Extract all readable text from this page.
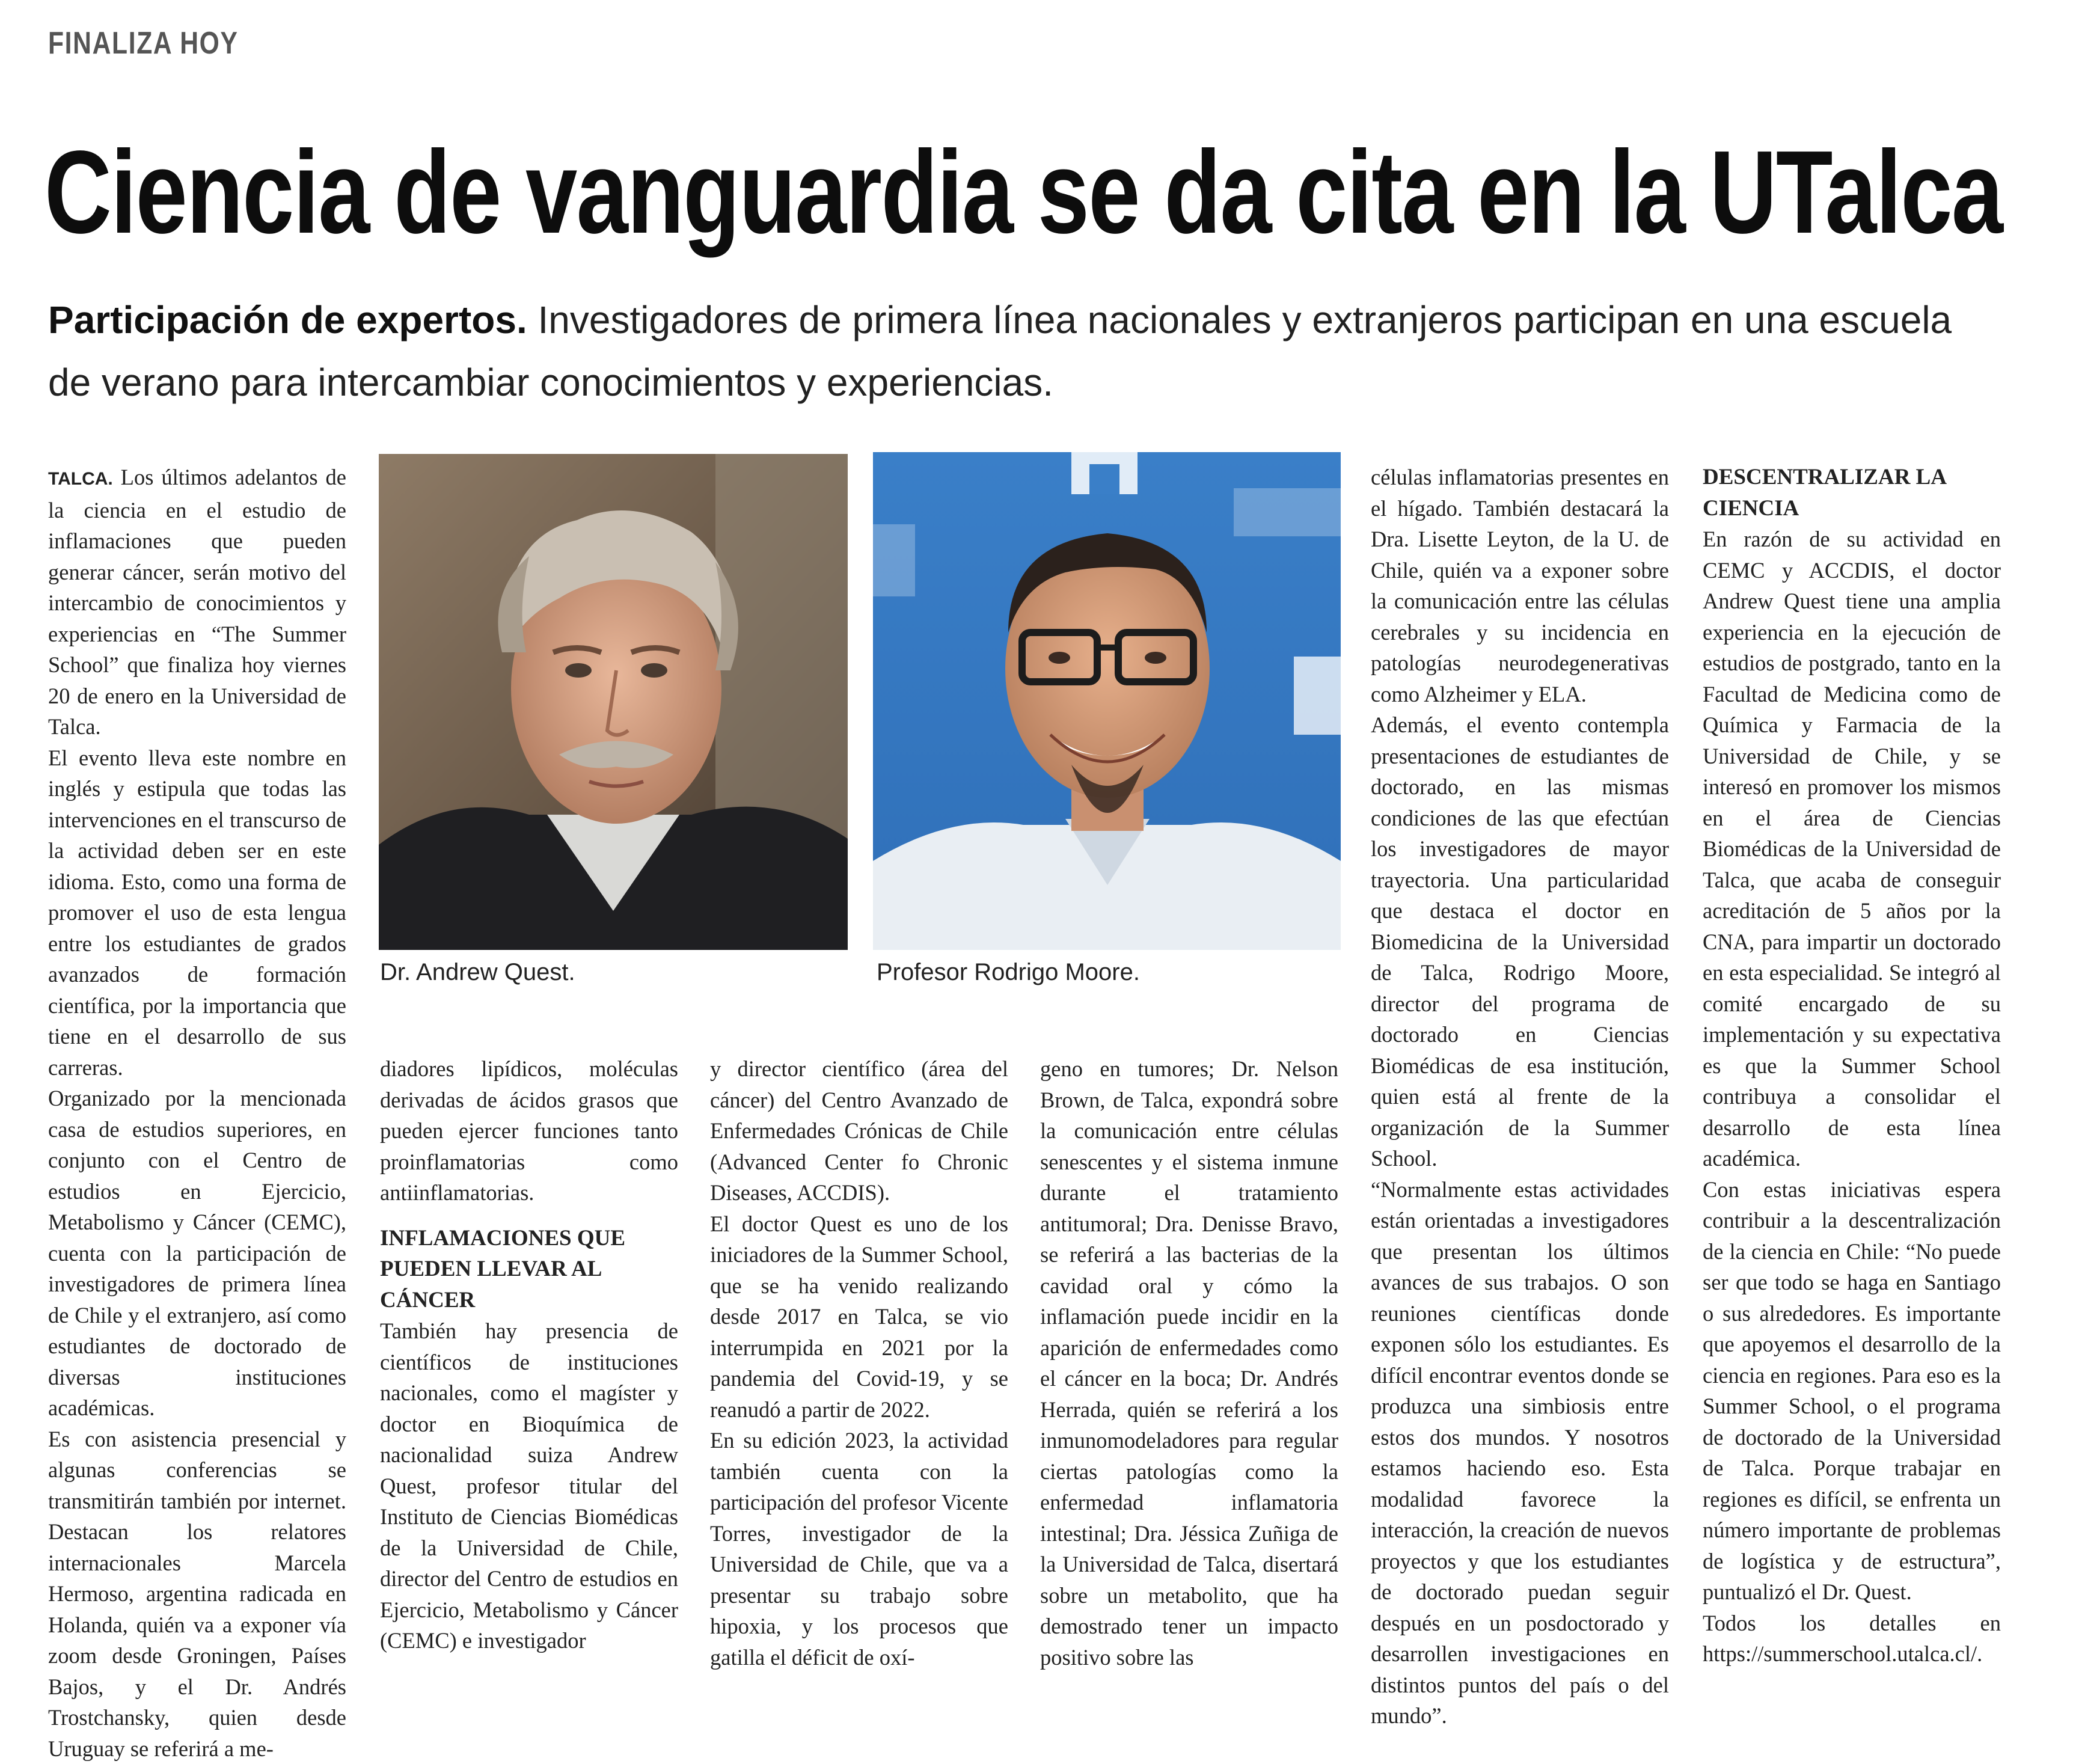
FINALIZA HOY
Ciencia de vanguardia se da cita en la UTalca
Participación de expertos. Investigadores de primera línea nacionales y extranjeros participan en una escuela de verano para intercambiar conocimientos y experiencias.
Dr. Andrew Quest.	Profesor Rodrigo Moore.

TALCA. Los últimos adelantos de la ciencia en el estudio de inflamaciones que pueden generar cáncer, serán motivo del intercambio de conocimientos y experiencias en “The Summer School” que finaliza hoy viernes 20 de enero en la Universidad de Talca.

El evento lleva este nombre en inglés y estipula que todas las intervenciones en el transcurso de la actividad deben ser en este idioma. Esto, como una forma de promover el uso de esta lengua entre los estudiantes de grados avanzados de formación científica, por la importancia que tiene en el desarrollo de sus carreras.

Organizado por la mencionada casa de estudios superiores, en conjunto con el Centro de estudios en Ejercicio, Metabolismo y Cáncer (CEMC), cuenta con la participación de investigadores de primera línea de Chile y el extranjero, así como estudiantes de doctorado de diversas instituciones académicas.

Es con asistencia presencial y algunas conferencias se transmitirán también por internet. Destacan los relatores internacionales Marcela Hermoso, argentina radicada en Holanda, quién va a exponer vía zoom desde Groningen, Países Bajos, y el Dr. Andrés Trostchansky, quien desde Uruguay se referirá a me-

diadores lipídicos, moléculas derivadas de ácidos grasos que pueden ejercer funciones tanto proinflamatorias como antiinflamatorias.

INFLAMACIONES QUE PUEDEN LLEVAR AL CÁNCER

También hay presencia de científicos de instituciones nacionales, como el magíster y doctor en Bioquímica de nacionalidad suiza Andrew Quest, profesor titular del Instituto de Ciencias Biomédicas de la Universidad de Chile, director del Centro de estudios en Ejercicio, Metabolismo y Cáncer (CEMC) e investigador

y director científico (área del cáncer) del Centro Avanzado de Enfermedades Crónicas de Chile (Advanced Center fo Chronic Diseases, ACCDIS).

El doctor Quest es uno de los iniciadores de la Summer School, que se ha venido realizando desde 2017 en Talca, se vio interrumpida en 2021 por la pandemia del Covid-19, y se reanudó a partir de 2022.

En su edición 2023, la actividad también cuenta con la participación del profesor Vicente Torres, investigador de la Universidad de Chile, que va a presentar su trabajo sobre hipoxia, y los procesos que gatilla el déficit de oxí-

geno en tumores; Dr. Nelson Brown, de Talca, expondrá sobre la comunicación entre células senescentes y el sistema inmune durante el tratamiento antitumoral; Dra. Denisse Bravo, se referirá a las bacterias de la cavidad oral y cómo la inflamación puede incidir en la aparición de enfermedades como el cáncer en la boca; Dr. Andrés Herrada, quién se referirá a los inmunomodeladores para regular ciertas patologías como la enfermedad inflamatoria intestinal; Dra. Jéssica Zuñiga de la Universidad de Talca, disertará sobre un metabolito, que ha demostrado tener un impacto positivo sobre las

células inflamatorias presentes en el hígado. También destacará la Dra. Lisette Leyton, de la U. de Chile, quién va a exponer sobre la comunicación entre las células cerebrales y su incidencia en patologías neurodegenerativas como Alzheimer y ELA.

Además, el evento contempla presentaciones de estudiantes de doctorado, en las mismas condiciones de las que efectúan los investigadores de mayor trayectoria. Una particularidad que destaca el doctor en Biomedicina de la Universidad de Talca, Rodrigo Moore, director del programa de doctorado en Ciencias Biomédicas de esa institución, quien está al frente de la organización de la Summer School.

“Normalmente estas actividades están orientadas a investigadores que presentan los últimos avances de sus trabajos. O son reuniones científicas donde exponen sólo los estudiantes. Es difícil encontrar eventos donde se produzca una simbiosis entre estos dos mundos. Y nosotros estamos haciendo eso. Esta modalidad favorece la interacción, la creación de nuevos proyectos y que los estudiantes de doctorado puedan seguir después en un posdoctorado y desarrollen investigaciones en distintos puntos del país o del mundo”.

DESCENTRALIZAR LA CIENCIA

En razón de su actividad en CEMC y ACCDIS, el doctor Andrew Quest tiene una amplia experiencia en la ejecución de estudios de postgrado, tanto en la Facultad de Medicina como de Química y Farmacia de la Universidad de Chile, y se interesó en promover los mismos en el área de Ciencias Biomédicas de la Universidad de Talca, que acaba de conseguir acreditación de 5 años por la CNA, para impartir un doctorado en esta especialidad. Se integró al comité encargado de su implementación y su expectativa es que la Summer School contribuya a consolidar el desarrollo de esta línea académica.

Con estas iniciativas espera contribuir a la descentralización de la ciencia en Chile: “No puede ser que todo se haga en Santiago o sus alrededores. Es importante que apoyemos el desarrollo de la ciencia en regiones. Para eso es la Summer School, o el programa de doctorado de la Universidad de Talca. Porque trabajar en regiones es difícil, se enfrenta un número importante de problemas de logística y de estructura”, puntualizó el Dr. Quest.

Todos los detalles en https://summerschool.utalca.cl/.
